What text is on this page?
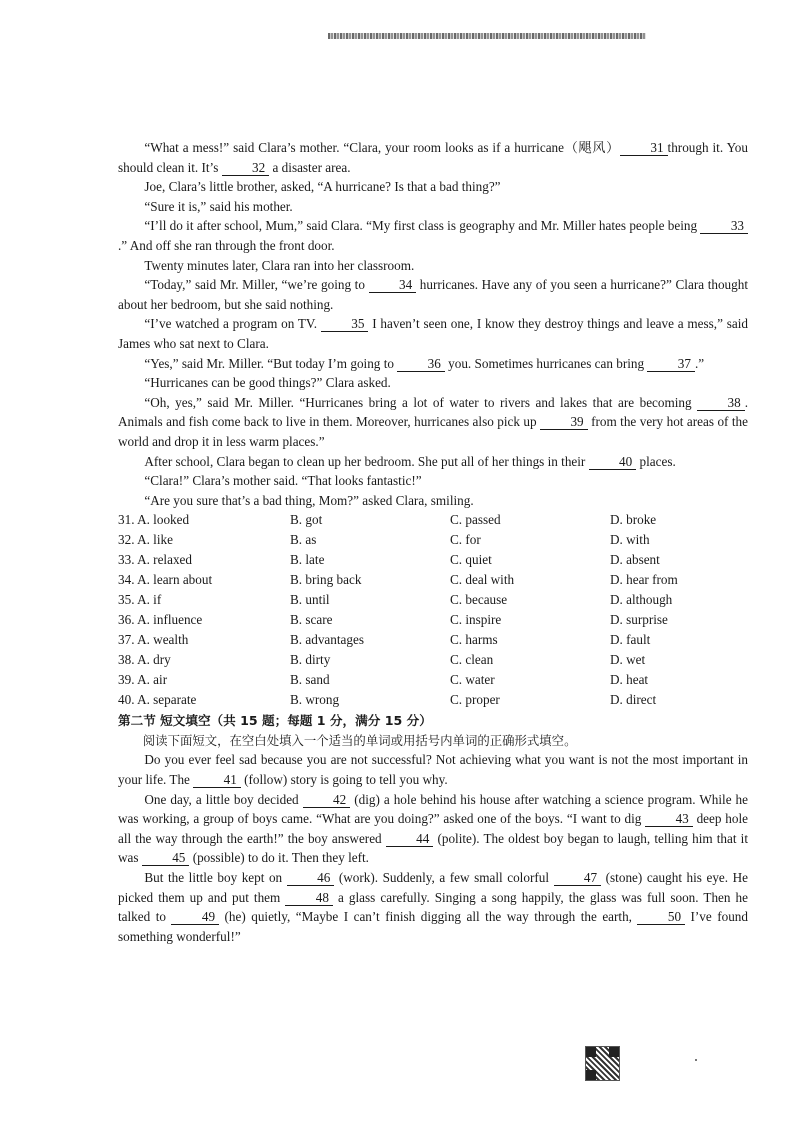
“What a mess!” said Clara’s mother. “Clara, your room looks as if a hurricane（飓风） 31 through it. You should clean it. It’s 32 a disaster area.

Joe, Clara’s little brother, asked, “A hurricane? Is that a bad thing?”

“Sure it is,” said his mother.

“I’ll do it after school, Mum,” said Clara. “My first class is geography and Mr. Miller hates people being 33.” And off she ran through the front door.

Twenty minutes later, Clara ran into her classroom.

“Today,” said Mr. Miller, “we’re going to 34 hurricanes. Have any of you seen a hurricane?” Clara thought about her bedroom, but she said nothing.

“I’ve watched a program on TV. 35 I haven’t seen one, I know they destroy things and leave a mess,” said James who sat next to Clara.

“Yes,” said Mr. Miller. “But today I’m going to 36 you. Sometimes hurricanes can bring 37 .”

“Hurricanes can be good things?” Clara asked.

“Oh, yes,” said Mr. Miller. “Hurricanes bring a lot of water to rivers and lakes that are becoming 38 . Animals and fish come back to live in them. Moreover, hurricanes also pick up 39 from the very hot areas of the world and drop it in less warm places.”

After school, Clara began to clean up her bedroom. She put all of her things in their 40 places.

“Clara!” Clara’s mother said. “That looks fantastic!”

“Are you sure that’s a bad thing, Mom?” asked Clara, smiling.

31. A. looked	B. got	C. passed	D. broke
32. A. like	B. as	C. for	D. with
33. A. relaxed	B. late	C. quiet	D. absent
34. A. learn about	B. bring back	C. deal with	D. hear from
35. A. if	B. until	C. because	D. although
36. A. influence	B. scare	C. inspire	D. surprise
37. A. wealth	B. advantages	C. harms	D. fault
38. A. dry	B. dirty	C. clean	D. wet
39. A. air	B. sand	C. water	D. heat
40. A. separate	B. wrong	C. proper	D. direct
第二节 短文填空（共 15 题；每题 1 分，满分 15 分）
阅读下面短文，在空白处填入一个适当的单词或用括号内单词的正确形式填空。

Do you ever feel sad because you are not successful? Not achieving what you want is not the most important in your life. The 41 (follow) story is going to tell you why.

One day, a little boy decided 42 (dig) a hole behind his house after watching a science program. While he was working, a group of boys came. “What are you doing?” asked one of the boys. “I want to dig 43 deep hole all the way through the earth!” the boy answered 44 (polite). The oldest boy began to laugh, telling him that it was 45 (possible) to do it. Then they left.

But the little boy kept on 46 (work). Suddenly, a few small colorful 47 (stone) caught his eye. He picked them up and put them 48 a glass carefully. Singing a song happily, the glass was full soon. Then he talked to 49 (he) quietly, “Maybe I can’t finish digging all the way through the earth, 50 I’ve found something wonderful!”
